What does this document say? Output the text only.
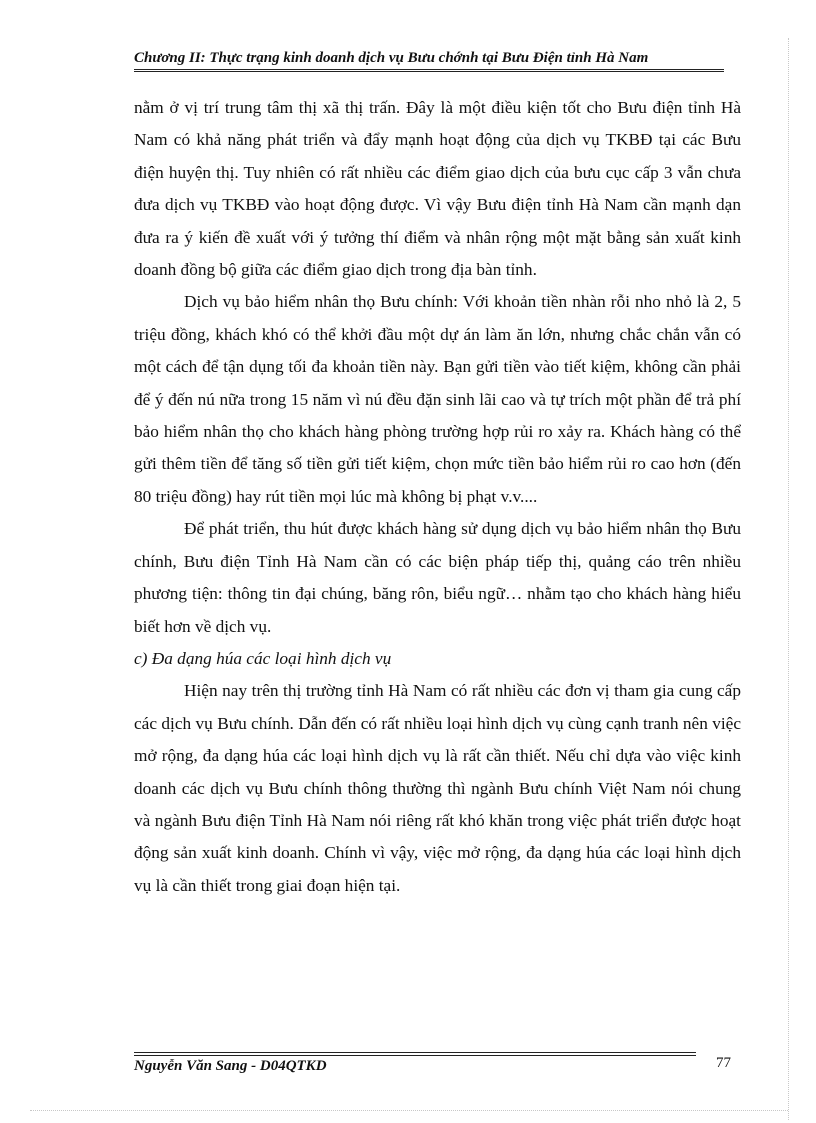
Chương II: Thực trạng kinh doanh dịch vụ Bưu chớnh tại Bưu Điện tỉnh Hà Nam

nằm ở vị trí trung tâm thị xã thị trấn. Đây là một điều kiện tốt cho Bưu điện tỉnh Hà Nam có khả năng phát triển và đẩy mạnh hoạt động của dịch vụ TKBĐ tại các Bưu điện huyện thị. Tuy nhiên có rất nhiều các điểm giao dịch của bưu cục cấp 3 vẫn chưa đưa dịch vụ TKBĐ vào hoạt động được. Vì vậy Bưu điện tỉnh Hà Nam cần mạnh dạn đưa ra ý kiến đề xuất với ý tưởng thí điểm và nhân rộng một mặt bằng sản xuất kinh doanh đồng bộ giữa các điểm giao dịch trong địa bàn tỉnh.

Dịch vụ bảo hiểm nhân thọ Bưu chính: Với khoản tiền nhàn rỗi nho nhỏ là 2, 5 triệu đồng, khách khó có thể khởi đầu một dự án làm ăn lớn, nhưng chắc chắn vẫn có một cách để tận dụng tối đa khoản tiền này. Bạn gửi tiền vào tiết kiệm, không cần phải để ý đến nú nữa trong 15 năm vì nú đều đặn sinh lãi cao và tự trích một phần để trả phí bảo hiểm nhân thọ cho khách hàng phòng trường hợp rủi ro xảy ra. Khách hàng có thể gửi thêm tiền để tăng số tiền gửi tiết kiệm, chọn mức tiền bảo hiểm rủi ro cao hơn (đến 80 triệu đồng) hay rút tiền mọi lúc mà không bị phạt v.v....

Để phát triển, thu hút được khách hàng sử dụng dịch vụ bảo hiểm nhân thọ Bưu chính, Bưu điện Tỉnh Hà Nam cần có các biện pháp tiếp thị, quảng cáo trên nhiều phương tiện: thông tin đại chúng, băng rôn, biểu ngữ… nhằm tạo cho khách hàng hiểu biết hơn về dịch vụ.

c) Đa dạng húa các loại hình dịch vụ

Hiện nay trên thị trường tỉnh Hà Nam có rất nhiều các đơn vị tham gia cung cấp các dịch vụ Bưu chính. Dẫn đến có rất nhiều loại hình dịch vụ cùng cạnh tranh nên việc mở rộng, đa dạng húa các loại hình dịch vụ là rất cần thiết. Nếu chỉ dựa vào việc kinh doanh các dịch vụ Bưu chính thông thường thì ngành Bưu chính Việt Nam nói chung và ngành Bưu điện Tỉnh Hà Nam nói riêng rất khó khăn trong việc phát triển được hoạt động sản xuất kinh doanh. Chính vì vậy, việc mở rộng, đa dạng húa các loại hình dịch vụ là cần thiết trong giai đoạn hiện tại.

Nguyễn Văn Sang - D04QTKD	77
